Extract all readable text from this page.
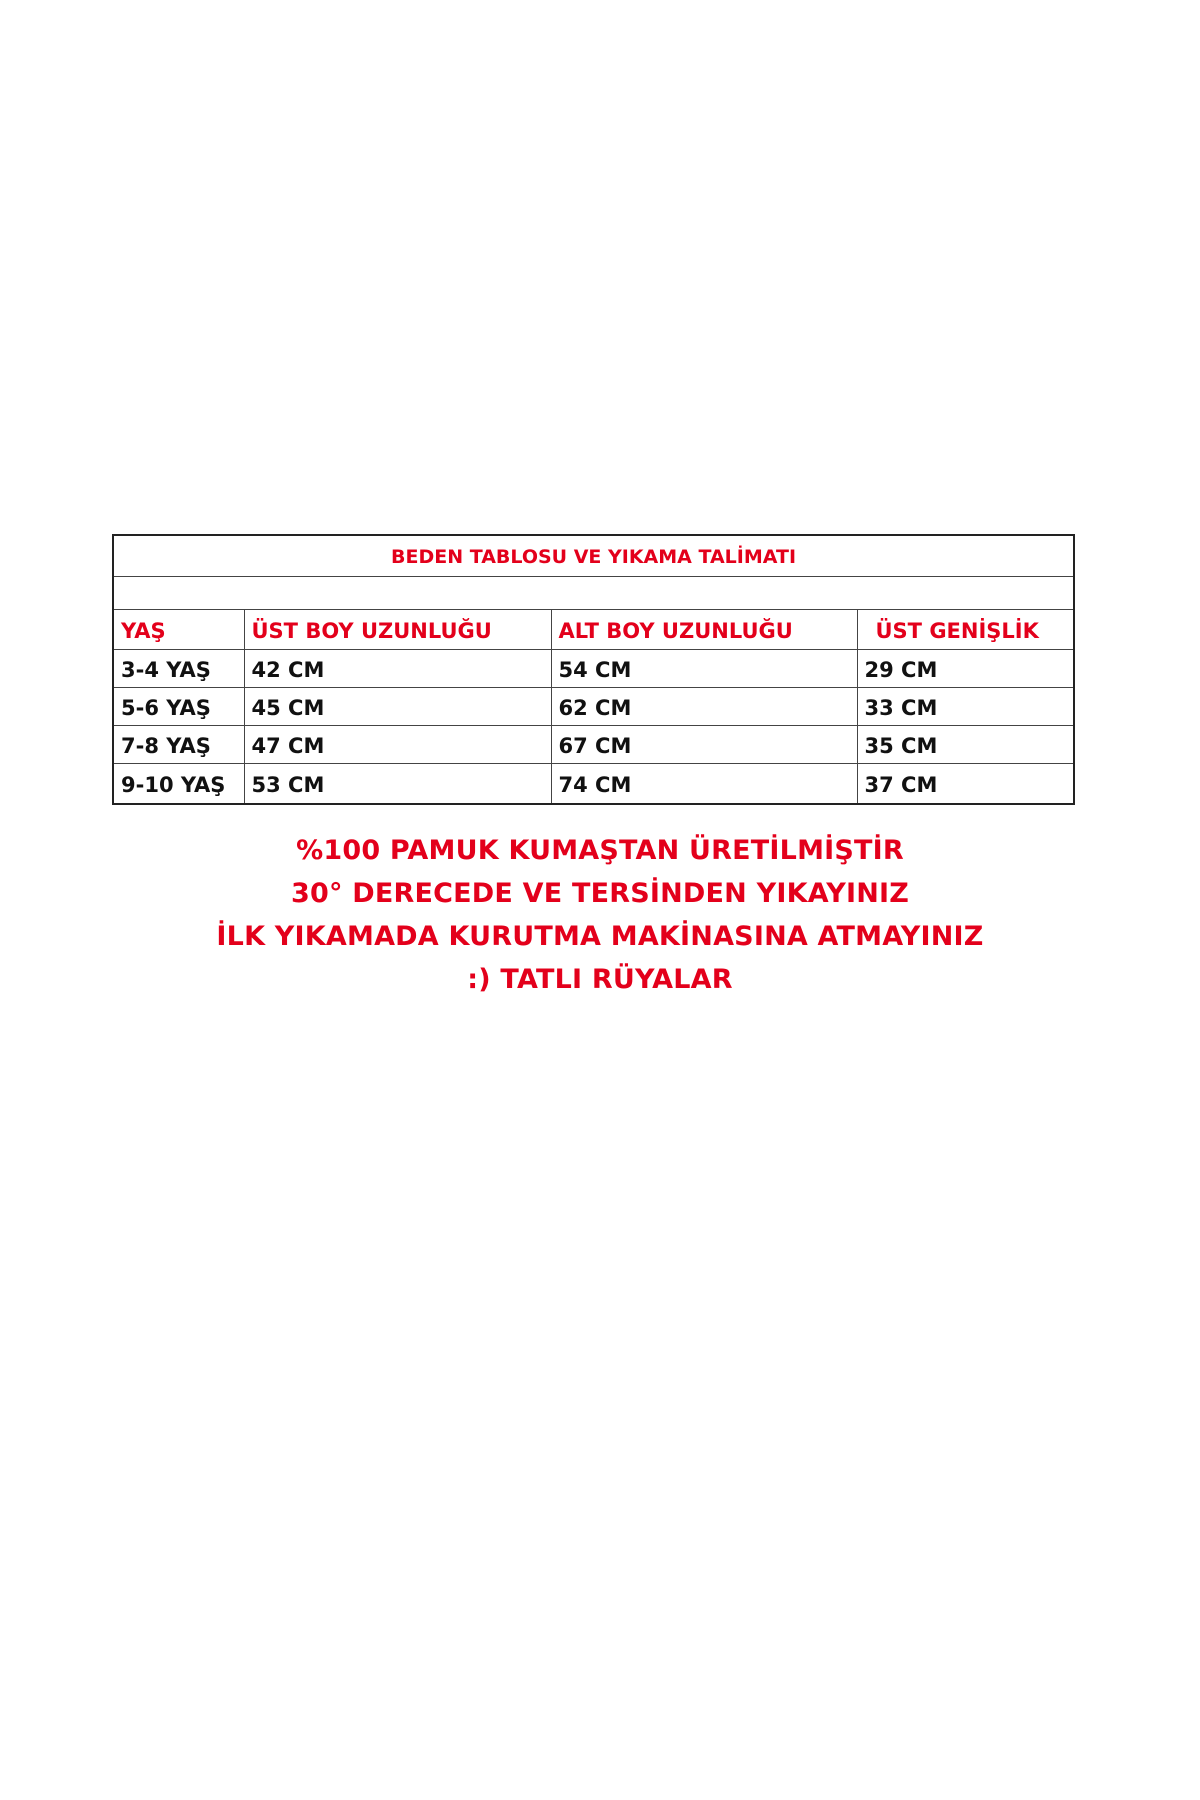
BEDEN TABLOSU VE YIKAMA TALİMATI			

YAŞ	ÜST BOY UZUNLUĞU	ALT BOY UZUNLUĞU	ÜST GENİŞLİK
3-4 YAŞ	42 CM	54 CM	29 CM
5-6 YAŞ	45 CM	62 CM	33 CM
7-8 YAŞ	47 CM	67 CM	35 CM
9-10 YAŞ	53 CM	74 CM	37 CM
%100 PAMUK KUMAŞTAN ÜRETİLMİŞTİR
30° DERECEDE VE TERSİNDEN YIKAYINIZ
İLK YIKAMADA KURUTMA MAKİNASINA ATMAYINIZ
:) TATLI RÜYALAR
